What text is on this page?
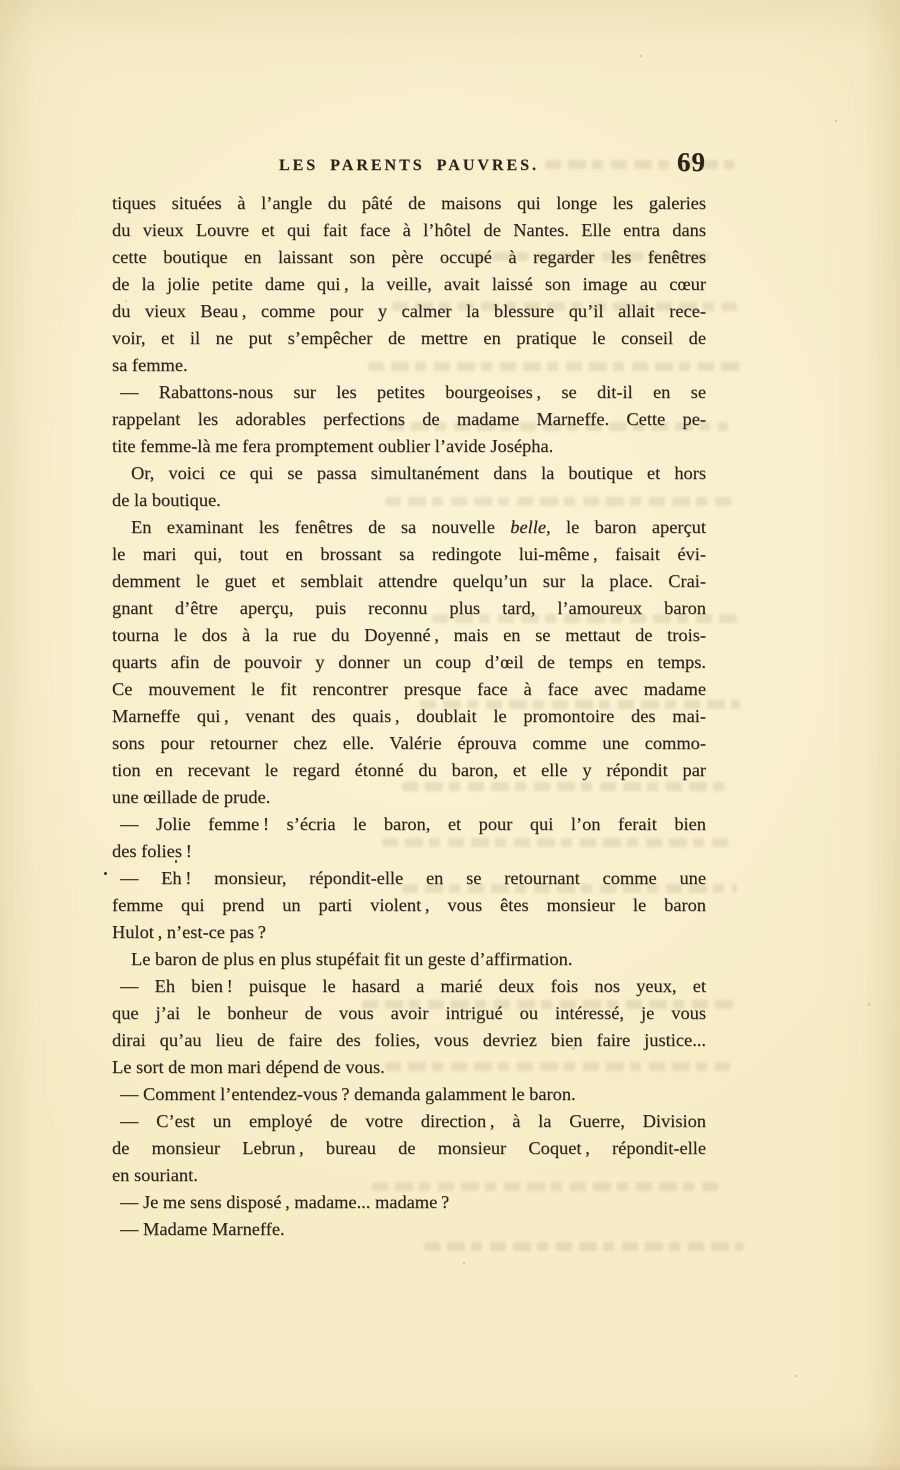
LES PARENTS PAUVRES.	69
tiques situées à l’angle du pâté de maisons qui longe les galeries
du vieux Louvre et qui fait face à l’hôtel de Nantes. Elle entra dans
cette boutique en laissant son père occupé à regarder les fenêtres
de la jolie petite dame qui , la veille, avait laissé son image au cœur
du vieux Beau , comme pour y calmer la blessure qu’il allait rece-
voir, et il ne put s’empêcher de mettre en pratique le conseil de
sa femme.
— Rabattons-nous sur les petites bourgeoises , se dit-il en se
rappelant les adorables perfections de madame Marneffe. Cette pe-
tite femme-là me fera promptement oublier l’avide Josépha.
Or, voici ce qui se passa simultanément dans la boutique et hors
de la boutique.
En examinant les fenêtres de sa nouvelle belle, le baron aperçut
le mari qui, tout en brossant sa redingote lui-même , faisait évi-
demment le guet et semblait attendre quelqu’un sur la place. Crai-
gnant d’être aperçu, puis reconnu plus tard, l’amoureux baron
tourna le dos à la rue du Doyenné , mais en se mettaut de trois-
quarts afin de pouvoir y donner un coup d’œil de temps en temps.
Ce mouvement le fit rencontrer presque face à face avec madame
Marneffe qui , venant des quais , doublait le promontoire des mai-
sons pour retourner chez elle. Valérie éprouva comme une commo-
tion en recevant le regard étonné du baron, et elle y répondit par
une œillade de prude.
— Jolie femme ! s’écria le baron, et pour qui l’on ferait bien
des folies !
— Eh ! monsieur, répondit-elle en se retournant comme une
femme qui prend un parti violent , vous êtes monsieur le baron
Hulot , n’est-ce pas ?
Le baron de plus en plus stupéfait fit un geste d’affirmation.
— Eh bien ! puisque le hasard a marié deux fois nos yeux, et
que j’ai le bonheur de vous avoir intrigué ou intéressé, je vous
dirai qu’au lieu de faire des folies, vous devriez bien faire justice...
Le sort de mon mari dépend de vous.
— Comment l’entendez-vous ? demanda galamment le baron.
— C’est un employé de votre direction , à la Guerre, Division
de monsieur Lebrun , bureau de monsieur Coquet , répondit-elle
en souriant.
— Je me sens disposé , madame... madame ?
— Madame Marneffe.
